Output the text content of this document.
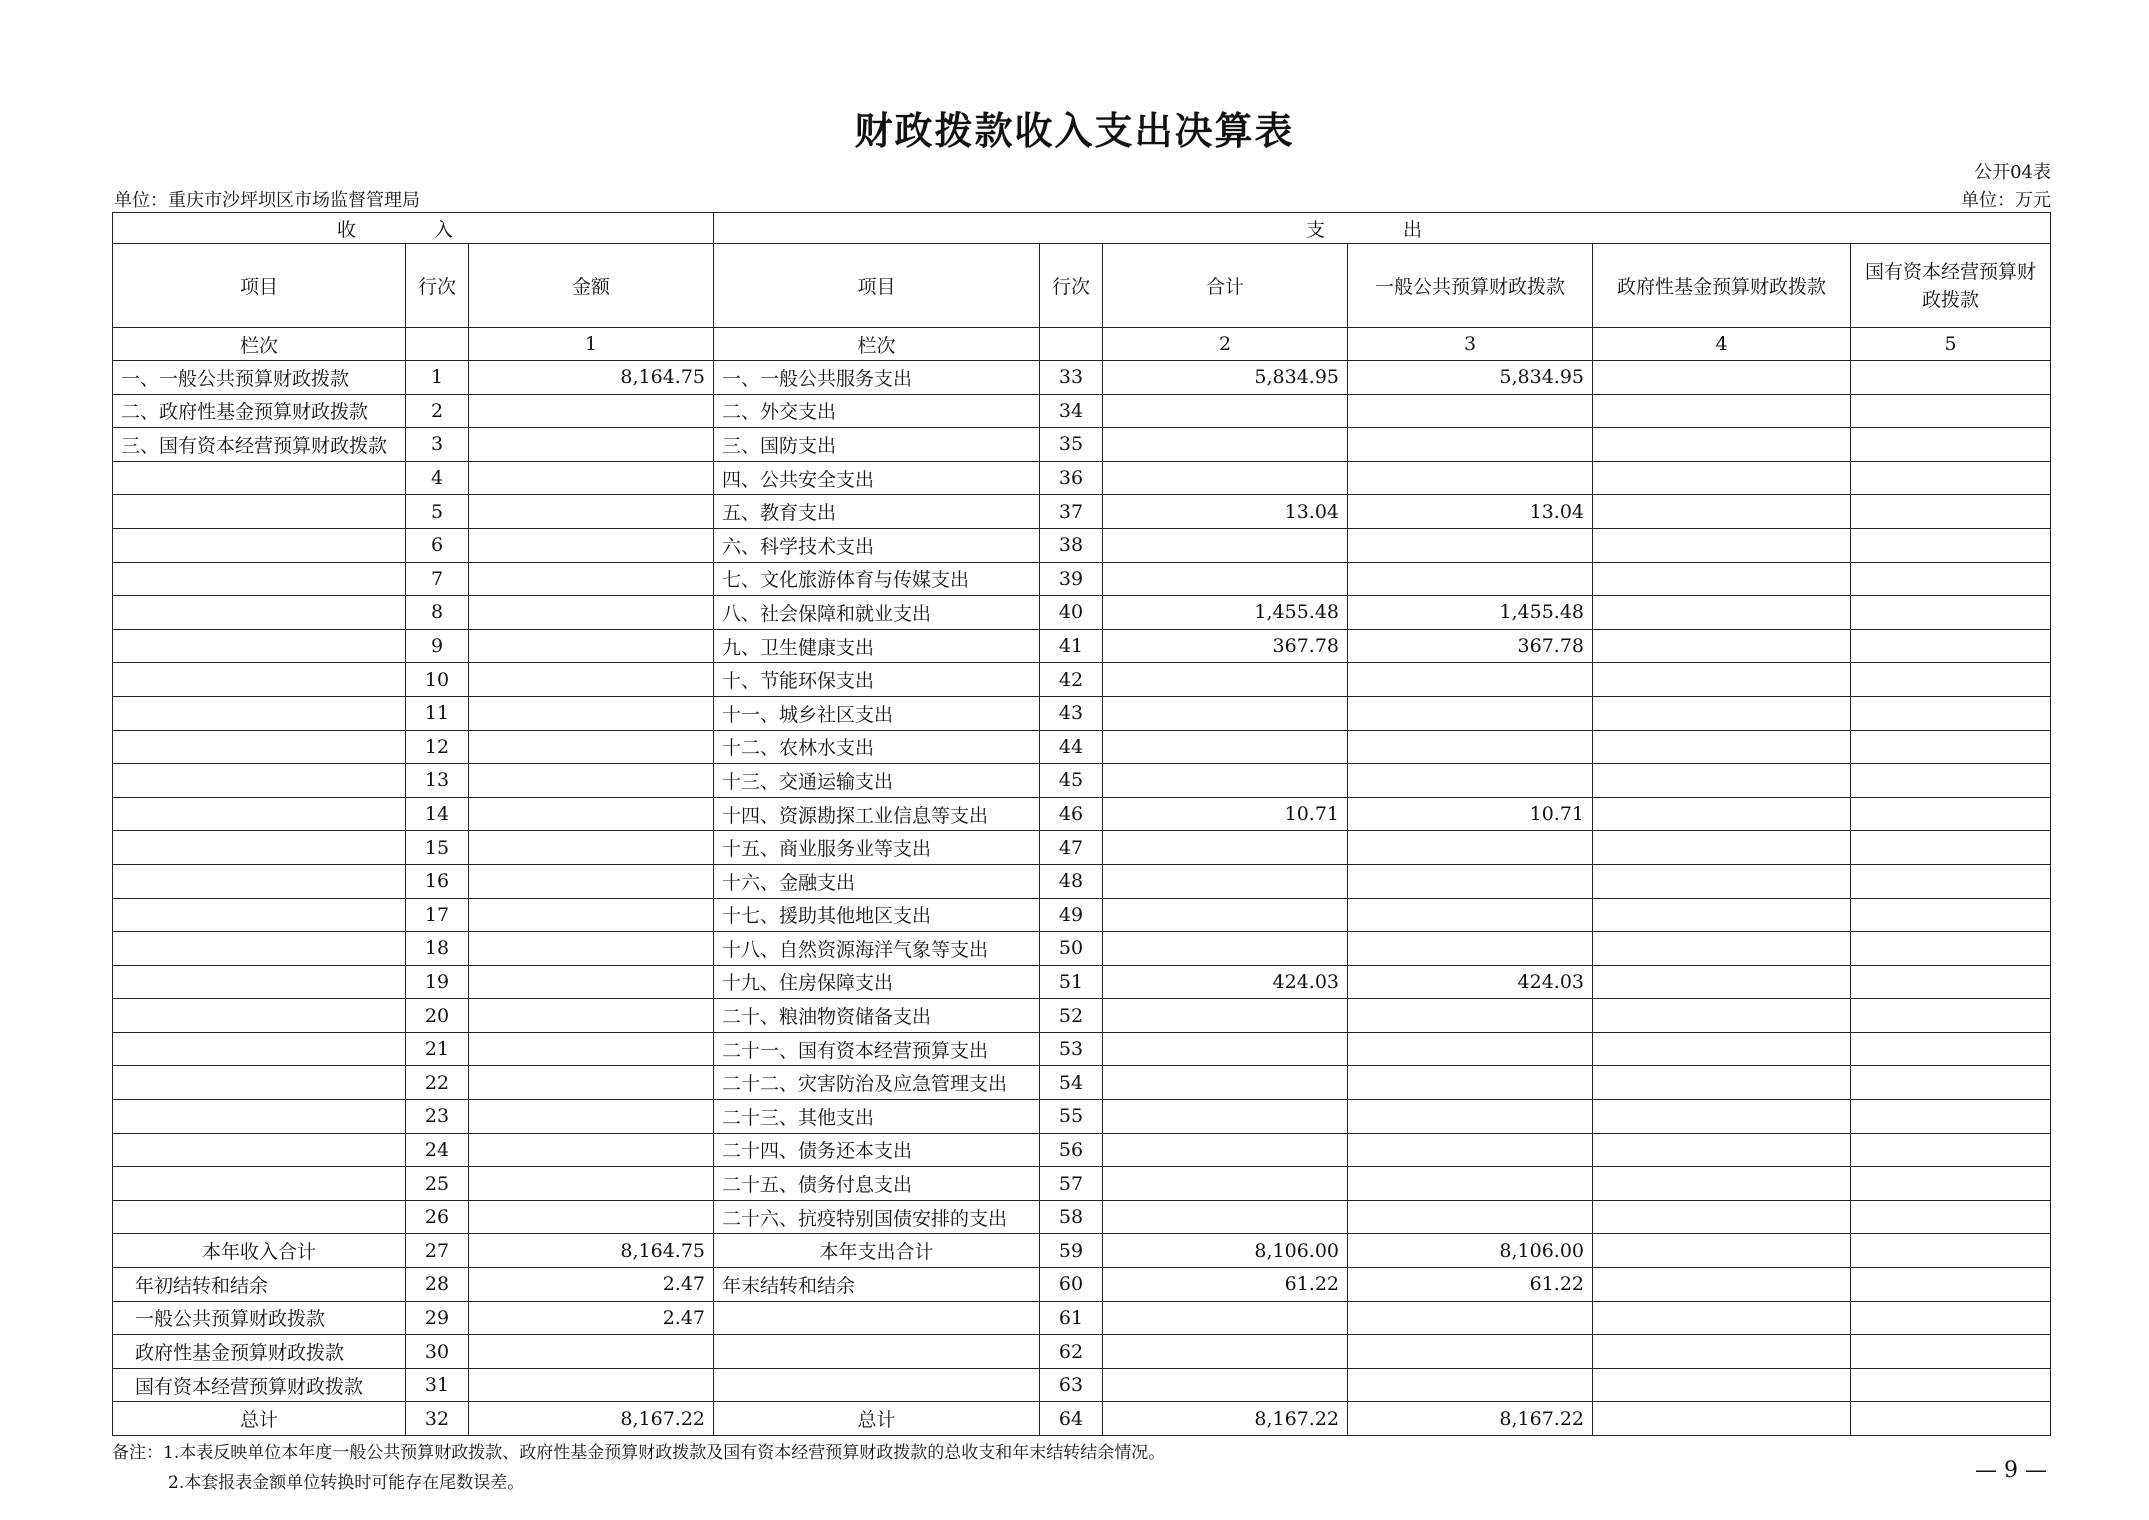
财政拨款收入支出决算表
公开04表
单位：重庆市沙坪坝区市场监督管理局	单位：万元
收 入			支 出					
项目	行次	金额	项目	行次	合计	一般公共预算财政拨款	政府性基金预算财政拨款	国有资本经营预算财政拨款
栏次		1	栏次		2	3	4	5
一、一般公共预算财政拨款	1	8,164.75	一、一般公共服务支出	33	5,834.95	5,834.95		
二、政府性基金预算财政拨款	2		二、外交支出	34				
三、国有资本经营预算财政拨款	3		三、国防支出	35				
	4		四、公共安全支出	36				
	5		五、教育支出	37	13.04	13.04		
	6		六、科学技术支出	38				
	7		七、文化旅游体育与传媒支出	39				
	8		八、社会保障和就业支出	40	1,455.48	1,455.48		
	9		九、卫生健康支出	41	367.78	367.78		
	10		十、节能环保支出	42				
	11		十一、城乡社区支出	43				
	12		十二、农林水支出	44				
	13		十三、交通运输支出	45				
	14		十四、资源勘探工业信息等支出	46	10.71	10.71		
	15		十五、商业服务业等支出	47				
	16		十六、金融支出	48				
	17		十七、援助其他地区支出	49				
	18		十八、自然资源海洋气象等支出	50				
	19		十九、住房保障支出	51	424.03	424.03		
	20		二十、粮油物资储备支出	52				
	21		二十一、国有资本经营预算支出	53				
	22		二十二、灾害防治及应急管理支出	54				
	23		二十三、其他支出	55				
	24		二十四、债务还本支出	56				
	25		二十五、债务付息支出	57				
	26		二十六、抗疫特别国债安排的支出	58				
本年收入合计	27	8,164.75	本年支出合计	59	8,106.00	8,106.00		
年初结转和结余	28	2.47	年末结转和结余	60	61.22	61.22		
一般公共预算财政拨款	29	2.47		61				
政府性基金预算财政拨款	30			62				
国有资本经营预算财政拨款	31			63				
总计	32	8,167.22	总计	64	8,167.22	8,167.22		
备注：1.本表反映单位本年度一般公共预算财政拨款、政府性基金预算财政拨款及国有资本经营预算财政拨款的总收支和年末结转结余情况。
2.本套报表金额单位转换时可能存在尾数误差。	— 9 —
